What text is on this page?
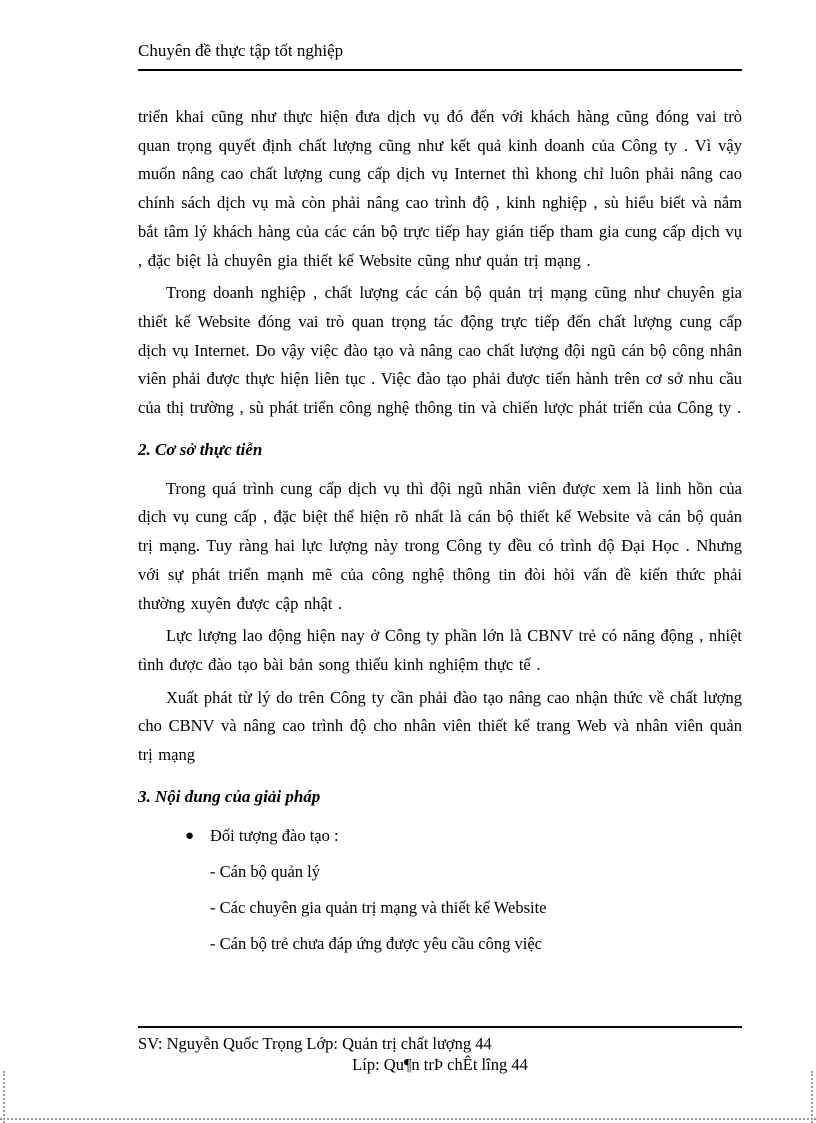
Chuyên đề thực tập tốt nghiệp

triển khai cũng như thực hiện đưa dịch vụ đó đến với khách hàng cũng đóng vai trò quan trọng quyết định chất lượng cũng như kết quả kinh doanh của Công ty . Vì vậy muốn nâng cao chất lượng cung cấp dịch vụ Internet thì khong chỉ luôn phải nâng cao chính sách dịch vụ mà còn phải nâng cao trình độ , kinh nghiệp , sù hiểu biết và nắm bắt tâm lý khách hàng của các cán bộ trực tiếp hay gián tiếp tham gia cung cấp dịch vụ , đặc biệt là chuyên gia thiết kế Website cũng như quản trị mạng .

Trong doanh nghiệp , chất lượng các cán bộ quản trị mạng cũng như chuyên gia thiết kế Website đóng vai trò quan trọng tác động trực tiếp đến chất lượng cung cấp dịch vụ Internet. Do vậy việc đào tạo và nâng cao chất lượng đội ngũ cán bộ công nhân viên phải được thực hiện liên tục . Việc đào tạo phải được tiến hành trên cơ sở nhu cầu của thị trường , sù phát triển công nghệ thông tin và chiến lược phát triển của Công ty .

2. Cơ sở thực tiễn

Trong quá trình cung cấp dịch vụ thì đội ngũ nhân viên được xem là linh hồn của dịch vụ cung cấp , đặc biệt thể hiện rõ nhất là cán bộ thiết kế Website và cán bộ quản trị mạng. Tuy ràng hai lực lượng này trong Công ty đều có trình độ Đại Học . Nhưng với sự phát triển mạnh mẽ của công nghệ thông tin đòi hỏi vấn đề kiến thức phải thường xuyên được cập nhật .

Lực lượng lao động hiện nay ở Công ty phần lớn là CBNV trẻ có năng động , nhiệt tình được đào tạo bài bản song thiếu kinh nghiệm thực tế .

Xuất phát từ lý do trên Công ty cần phải đào tạo nâng cao nhận thức về chất lượng cho CBNV và nâng cao trình độ cho nhân viên thiết kế trang Web và nhân viên quản trị mạng

3. Nội dung của giải pháp
● Đối tượng đào tạo :
- Cán bộ quản lý
- Các chuyên gia quản trị mạng và thiết kế Website
- Cán bộ trẻ chưa đáp ứng được yêu cầu công việc
SV: Nguyễn Quốc Trọng Lớp: Quản trị chất lượng 44
Líp: Qu¶n trÞ chÊt lîng 44
